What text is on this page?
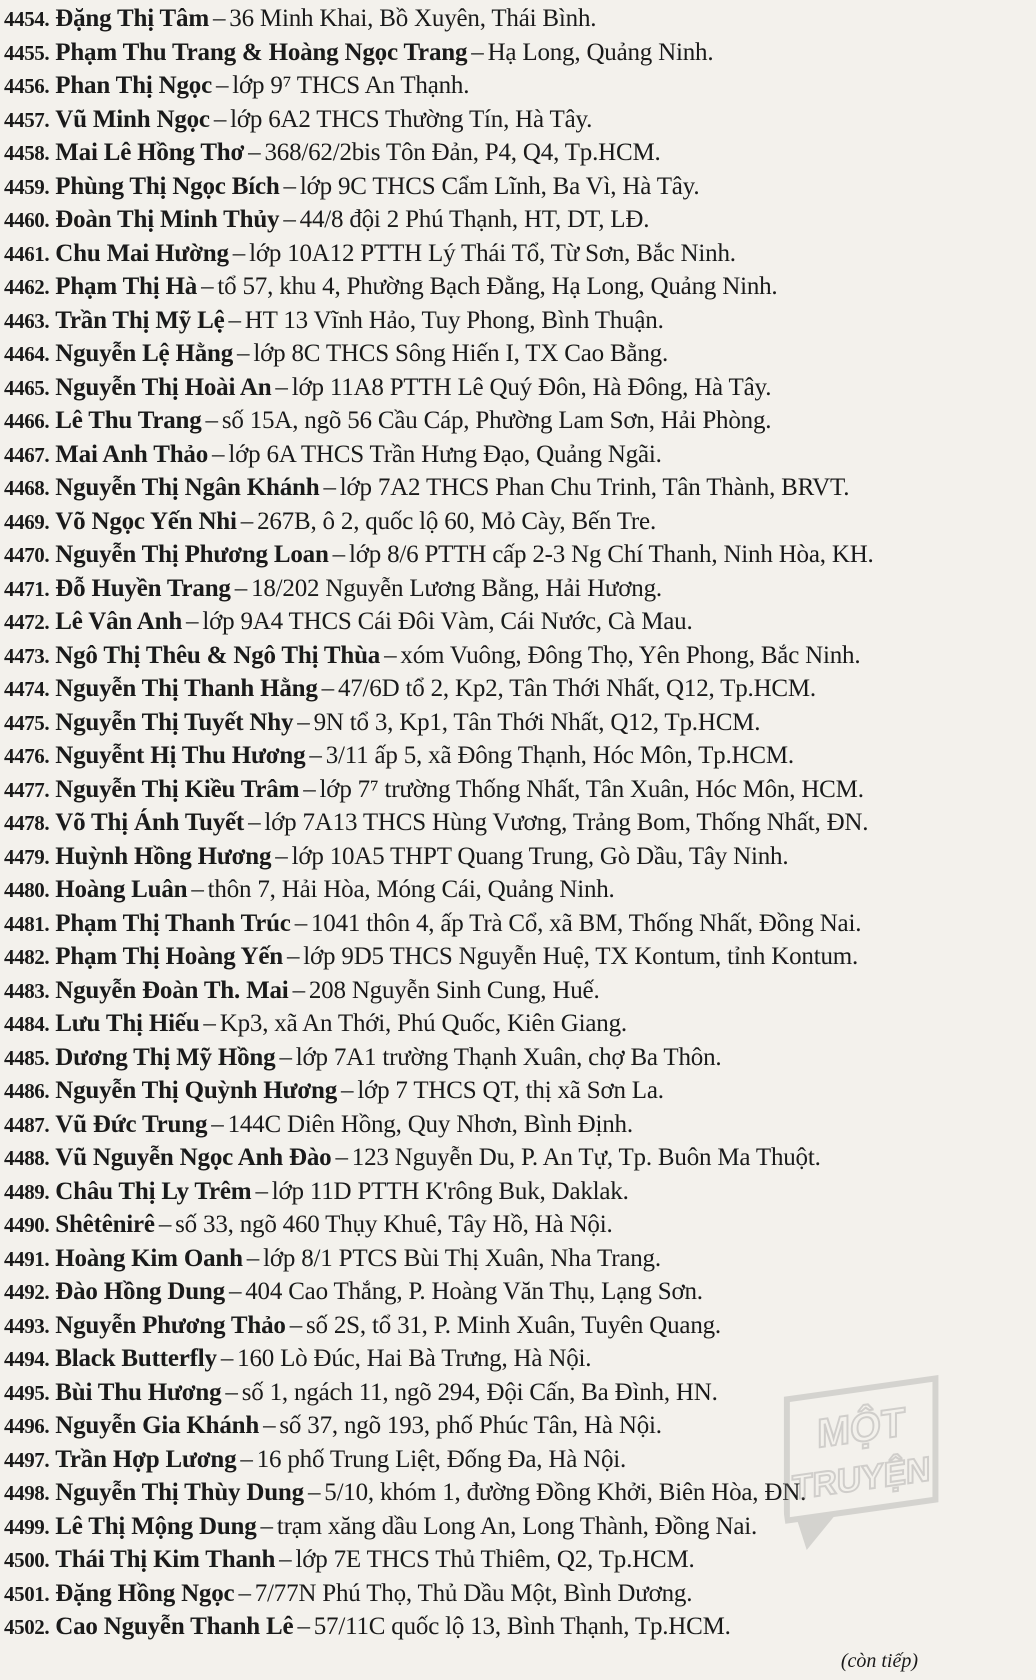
4454. Đặng Thị Tâm – 36 Minh Khai, Bồ Xuyên, Thái Bình.
4455. Phạm Thu Trang & Hoàng Ngọc Trang – Hạ Long, Quảng Ninh.
4456. Phan Thị Ngọc – lớp 9⁷ THCS An Thạnh.
4457. Vũ Minh Ngọc – lớp 6A2 THCS Thường Tín, Hà Tây.
4458. Mai Lê Hồng Thơ – 368/62/2bis Tôn Đản, P4, Q4, Tp.HCM.
4459. Phùng Thị Ngọc Bích – lớp 9C THCS Cẩm Lĩnh, Ba Vì, Hà Tây.
4460. Đoàn Thị Minh Thủy – 44/8 đội 2 Phú Thạnh, HT, DT, LĐ.
4461. Chu Mai Hường – lớp 10A12 PTTH Lý Thái Tổ, Từ Sơn, Bắc Ninh.
4462. Phạm Thị Hà – tổ 57, khu 4, Phường Bạch Đằng, Hạ Long, Quảng Ninh.
4463. Trần Thị Mỹ Lệ – HT 13 Vĩnh Hảo, Tuy Phong, Bình Thuận.
4464. Nguyễn Lệ Hằng – lớp 8C THCS Sông Hiến I, TX Cao Bằng.
4465. Nguyễn Thị Hoài An – lớp 11A8 PTTH Lê Quý Đôn, Hà Đông, Hà Tây.
4466. Lê Thu Trang – số 15A, ngõ 56 Cầu Cáp, Phường Lam Sơn, Hải Phòng.
4467. Mai Anh Thảo – lớp 6A THCS Trần Hưng Đạo, Quảng Ngãi.
4468. Nguyễn Thị Ngân Khánh – lớp 7A2 THCS Phan Chu Trinh, Tân Thành, BRVT.
4469. Võ Ngọc Yến Nhi – 267B, ô 2, quốc lộ 60, Mỏ Cày, Bến Tre.
4470. Nguyễn Thị Phương Loan – lớp 8/6 PTTH cấp 2-3 Ng Chí Thanh, Ninh Hòa, KH.
4471. Đỗ Huyền Trang – 18/202 Nguyễn Lương Bằng, Hải Hương.
4472. Lê Vân Anh – lớp 9A4 THCS Cái Đôi Vàm, Cái Nước, Cà Mau.
4473. Ngô Thị Thêu & Ngô Thị Thùa – xóm Vuông, Đông Thọ, Yên Phong, Bắc Ninh.
4474. Nguyễn Thị Thanh Hằng – 47/6D tổ 2, Kp2, Tân Thới Nhất, Q12, Tp.HCM.
4475. Nguyễn Thị Tuyết Nhy – 9N tổ 3, Kp1, Tân Thới Nhất, Q12, Tp.HCM.
4476. Nguyễnt Hị Thu Hương – 3/11 ấp 5, xã Đông Thạnh, Hóc Môn, Tp.HCM.
4477. Nguyễn Thị Kiều Trâm – lớp 7⁷ trường Thống Nhất, Tân Xuân, Hóc Môn, HCM.
4478. Võ Thị Ánh Tuyết – lớp 7A13 THCS Hùng Vương, Trảng Bom, Thống Nhất, ĐN.
4479. Huỳnh Hồng Hương – lớp 10A5 THPT Quang Trung, Gò Dầu, Tây Ninh.
4480. Hoàng Luân – thôn 7, Hải Hòa, Móng Cái, Quảng Ninh.
4481. Phạm Thị Thanh Trúc – 1041 thôn 4, ấp Trà Cổ, xã BM, Thống Nhất, Đồng Nai.
4482. Phạm Thị Hoàng Yến – lớp 9D5 THCS Nguyễn Huệ, TX Kontum, tỉnh Kontum.
4483. Nguyễn Đoàn Th. Mai – 208 Nguyễn Sinh Cung, Huế.
4484. Lưu Thị Hiếu – Kp3, xã An Thới, Phú Quốc, Kiên Giang.
4485. Dương Thị Mỹ Hồng – lớp 7A1 trường Thạnh Xuân, chợ Ba Thôn.
4486. Nguyễn Thị Quỳnh Hương – lớp 7 THCS QT, thị xã Sơn La.
4487. Vũ Đức Trung – 144C Diên Hồng, Quy Nhơn, Bình Định.
4488. Vũ Nguyễn Ngọc Anh Đào – 123 Nguyễn Du, P. An Tự, Tp. Buôn Ma Thuột.
4489. Châu Thị Ly Trêm – lớp 11D PTTH K'rông Buk, Daklak.
4490. Shêtênirê – số 33, ngõ 460 Thụy Khuê, Tây Hồ, Hà Nội.
4491. Hoàng Kim Oanh – lớp 8/1 PTCS Bùi Thị Xuân, Nha Trang.
4492. Đào Hồng Dung – 404 Cao Thắng, P. Hoàng Văn Thụ, Lạng Sơn.
4493. Nguyễn Phương Thảo – số 2S, tổ 31, P. Minh Xuân, Tuyên Quang.
4494. Black Butterfly – 160 Lò Đúc, Hai Bà Trưng, Hà Nội.
4495. Bùi Thu Hương – số 1, ngách 11, ngõ 294, Đội Cấn, Ba Đình, HN.
4496. Nguyễn Gia Khánh – số 37, ngõ 193, phố Phúc Tân, Hà Nội.
4497. Trần Hợp Lương – 16 phố Trung Liệt, Đống Đa, Hà Nội.
4498. Nguyễn Thị Thùy Dung – 5/10, khóm 1, đường Đồng Khởi, Biên Hòa, ĐN.
4499. Lê Thị Mộng Dung – trạm xăng dầu Long An, Long Thành, Đồng Nai.
4500. Thái Thị Kim Thanh – lớp 7E THCS Thủ Thiêm, Q2, Tp.HCM.
4501. Đặng Hồng Ngọc – 7/77N Phú Thọ, Thủ Dầu Một, Bình Dương.
4502. Cao Nguyễn Thanh Lê – 57/11C quốc lộ 13, Bình Thạnh, Tp.HCM.
(còn tiếp)
MỘT
TRUYỆN
